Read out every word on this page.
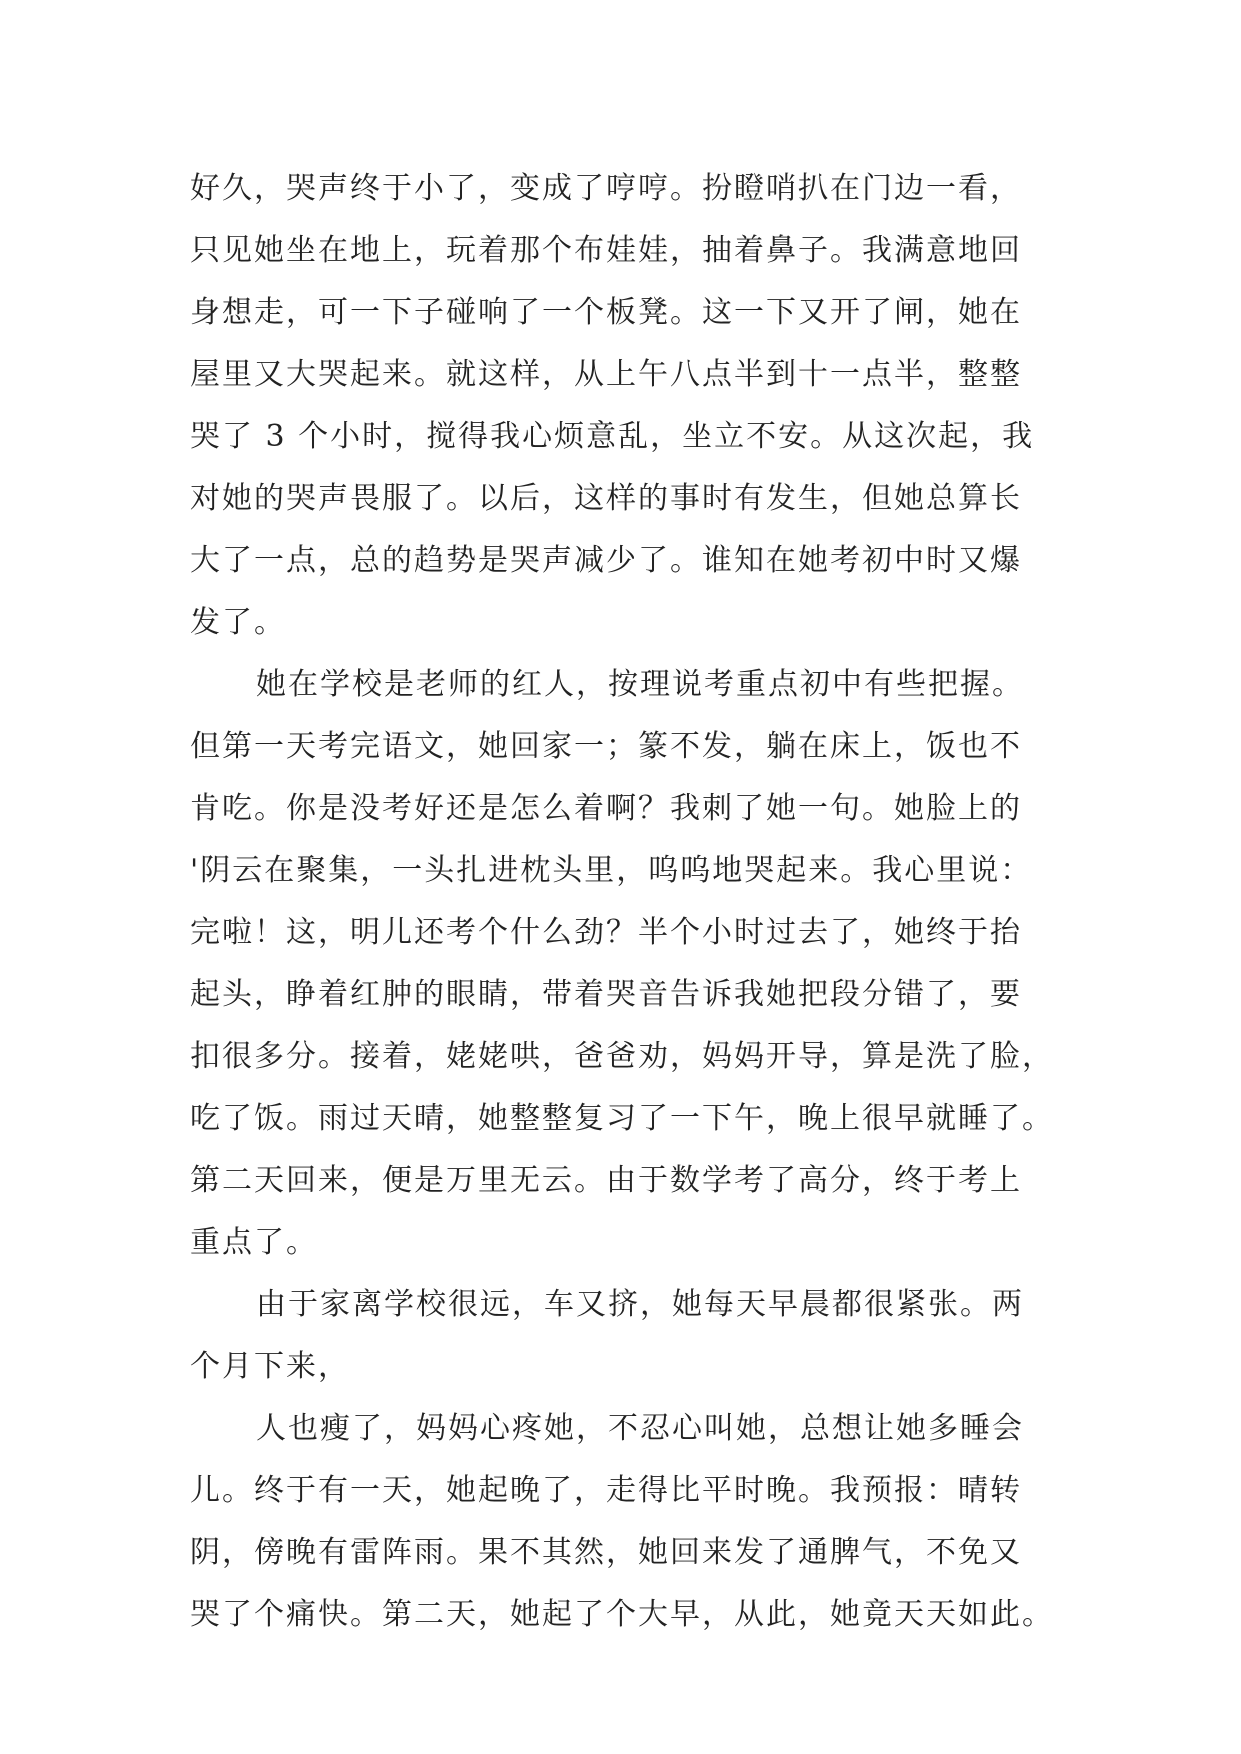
好久，哭声终于小了，变成了哼哼。扮瞪哨扒在门边一看，
只见她坐在地上，玩着那个布娃娃，抽着鼻子。我满意地回
身想走，可一下子碰响了一个板凳。这一下又开了闸，她在
屋里又大哭起来。就这样，从上午八点半到十一点半，整整
哭了 3 个小时，搅得我心烦意乱，坐立不安。从这次起，我
对她的哭声畏服了。以后，这样的事时有发生，但她总算长
大了一点，总的趋势是哭声减少了。谁知在她考初中时又爆
发了。
她在学校是老师的红人，按理说考重点初中有些把握。
但第一天考完语文，她回家一；篆不发，躺在床上，饭也不
肯吃。你是没考好还是怎么着啊？我刺了她一句。她脸上的
'阴云在聚集，一头扎进枕头里，呜呜地哭起来。我心里说：
完啦！这，明儿还考个什么劲？半个小时过去了，她终于抬
起头，睁着红肿的眼睛，带着哭音告诉我她把段分错了，要
扣很多分。接着，姥姥哄，爸爸劝，妈妈开导，算是洗了脸，
吃了饭。雨过天晴，她整整复习了一下午，晚上很早就睡了。
第二天回来，便是万里无云。由于数学考了高分，终于考上
重点了。
由于家离学校很远，车又挤，她每天早晨都很紧张。两
个月下来，
人也瘦了，妈妈心疼她，不忍心叫她，总想让她多睡会
儿。终于有一天，她起晚了，走得比平时晚。我预报：晴转
阴，傍晚有雷阵雨。果不其然，她回来发了通脾气，不免又
哭了个痛快。第二天，她起了个大早，从此，她竟天天如此。
